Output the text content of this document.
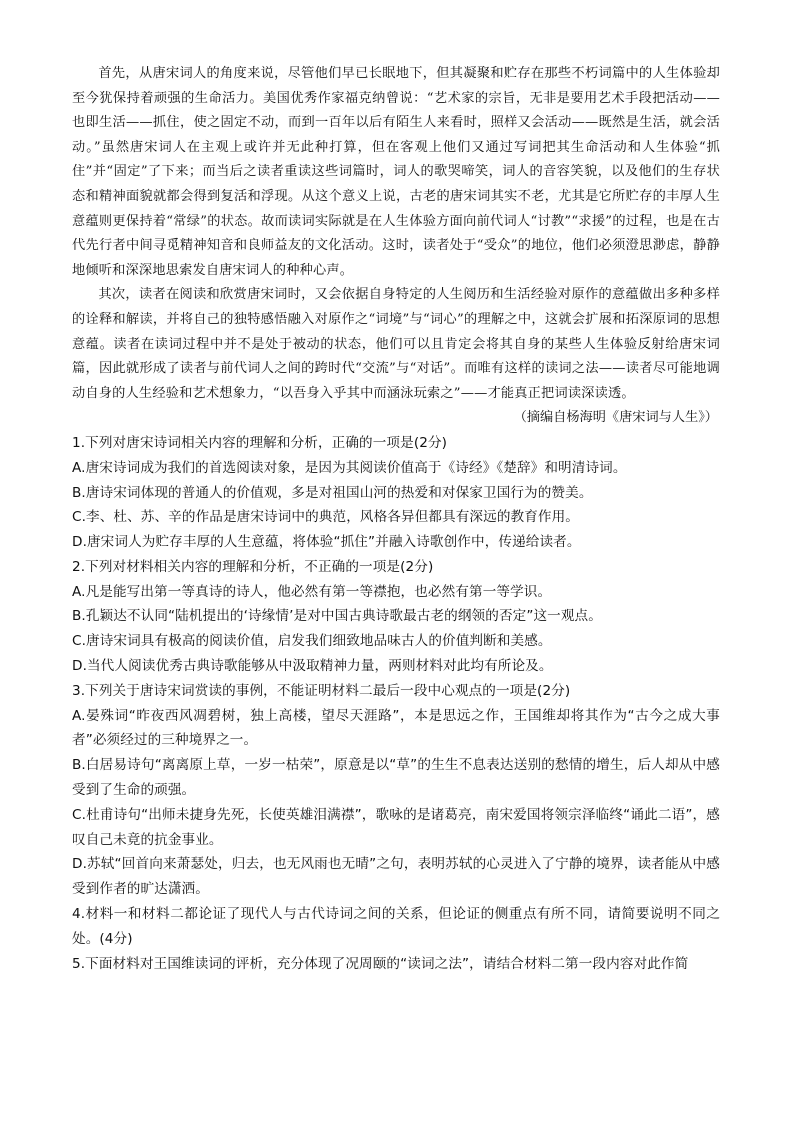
首先，从唐宋词人的角度来说，尽管他们早已长眠地下，但其凝聚和贮存在那些不朽词篇中的人生体验却至今犹保持着顽强的生命活力。美国优秀作家福克纳曾说：“艺术家的宗旨，无非是要用艺术手段把活动——也即生活——抓住，使之固定不动，而到一百年以后有陌生人来看时，照样又会活动——既然是生活，就会活动。”虽然唐宋词人在主观上或许并无此种打算，但在客观上他们又通过写词把其生命活动和人生体验“抓住”并“固定”了下来；而当后之读者重读这些词篇时，词人的歌哭啼笑，词人的音容笑貌，以及他们的生存状态和精神面貌就都会得到复活和浮现。从这个意义上说，古老的唐宋词其实不老，尤其是它所贮存的丰厚人生意蕴则更保持着“常绿”的状态。故而读词实际就是在人生体验方面向前代词人“讨教”“求援”的过程，也是在古代先行者中间寻觅精神知音和良师益友的文化活动。这时，读者处于“受众”的地位，他们必须澄思渺虑，静静地倾听和深深地思索发自唐宋词人的种种心声。

其次，读者在阅读和欣赏唐宋词时，又会依据自身特定的人生阅历和生活经验对原作的意蕴做出多种多样的诠释和解读，并将自己的独特感悟融入对原作之“词境”与“词心”的理解之中，这就会扩展和拓深原词的思想意蕴。读者在读词过程中并不是处于被动的状态，他们可以且肯定会将其自身的某些人生体验反射给唐宋词篇，因此就形成了读者与前代词人之间的跨时代“交流”与“对话”。而唯有这样的读词之法——读者尽可能地调动自身的人生经验和艺术想象力，“以吾身入乎其中而涵泳玩索之”——才能真正把词读深读透。

（摘编自杨海明《唐宋词与人生》）

1.下列对唐宋诗词相关内容的理解和分析，正确的一项是(2分)

A.唐宋诗词成为我们的首选阅读对象，是因为其阅读价值高于《诗经》《楚辞》和明清诗词。

B.唐诗宋词体现的普通人的价值观，多是对祖国山河的热爱和对保家卫国行为的赞美。

C.李、杜、苏、辛的作品是唐宋诗词中的典范，风格各异但都具有深远的教育作用。

D.唐宋词人为贮存丰厚的人生意蕴，将体验“抓住”并融入诗歌创作中，传递给读者。

2.下列对材料相关内容的理解和分析，不正确的一项是(2分)

A.凡是能写出第一等真诗的诗人，他必然有第一等襟抱，也必然有第一等学识。

B.孔颖达不认同“陆机提出的‘诗缘情’是对中国古典诗歌最古老的纲领的否定”这一观点。

C.唐诗宋词具有极高的阅读价值，启发我们细致地品味古人的价值判断和美感。

D.当代人阅读优秀古典诗歌能够从中汲取精神力量，两则材料对此均有所论及。

3.下列关于唐诗宋词赏读的事例，不能证明材料二最后一段中心观点的一项是(2分)

A.晏殊词“昨夜西风凋碧树，独上高楼，望尽天涯路”，本是思远之作，王国维却将其作为“古今之成大事者”必须经过的三种境界之一。

B.白居易诗句“离离原上草，一岁一枯荣”，原意是以“草”的生生不息表达送别的愁情的增生，后人却从中感受到了生命的顽强。

C.杜甫诗句“出师未捷身先死，长使英雄泪满襟”，歌咏的是诸葛亮，南宋爱国将领宗泽临终“诵此二语”，感叹自己未竟的抗金事业。

D.苏轼“回首向来萧瑟处，归去，也无风雨也无晴”之句，表明苏轼的心灵进入了宁静的境界，读者能从中感受到作者的旷达潇洒。

4.材料一和材料二都论证了现代人与古代诗词之间的关系，但论证的侧重点有所不同，请简要说明不同之处。(4分)

5.下面材料对王国维读词的评析，充分体现了况周颐的“读词之法”，请结合材料二第一段内容对此作简
